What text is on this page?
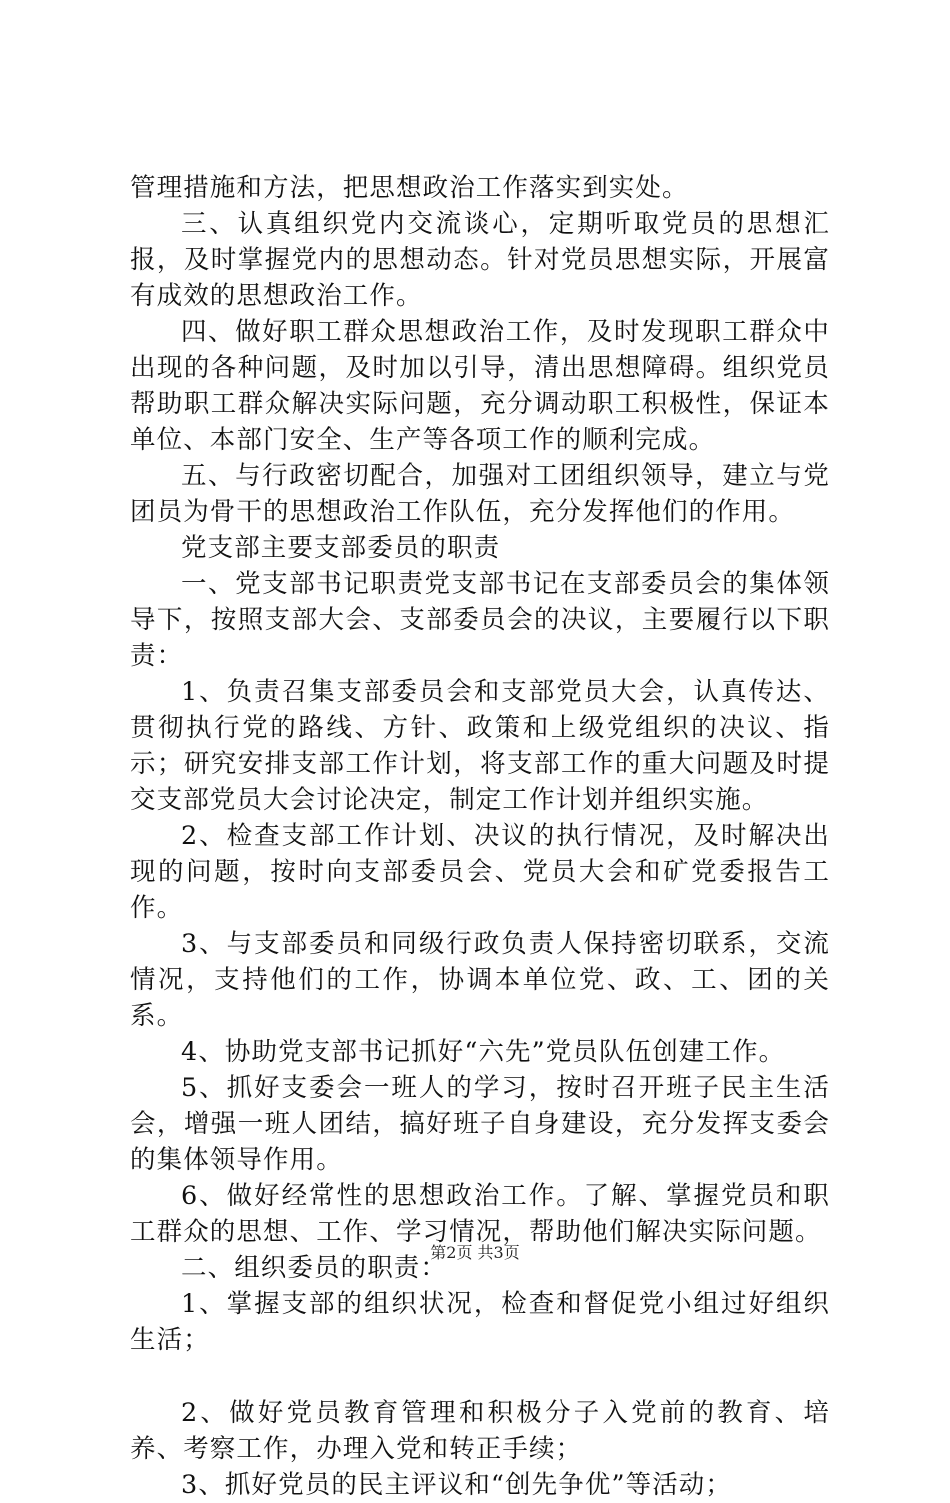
管理措施和方法，把思想政治工作落实到实处。

三、认真组织党内交流谈心，定期听取党员的思想汇报，及时掌握党内的思想动态。针对党员思想实际，开展富有成效的思想政治工作。

四、做好职工群众思想政治工作，及时发现职工群众中出现的各种问题，及时加以引导，清出思想障碍。组织党员帮助职工群众解决实际问题，充分调动职工积极性，保证本单位、本部门安全、生产等各项工作的顺利完成。

五、与行政密切配合，加强对工团组织领导，建立与党团员为骨干的思想政治工作队伍，充分发挥他们的作用。

党支部主要支部委员的职责

一、党支部书记职责党支部书记在支部委员会的集体领导下，按照支部大会、支部委员会的决议，主要履行以下职责：

1、负责召集支部委员会和支部党员大会，认真传达、贯彻执行党的路线、方针、政策和上级党组织的决议、指示；研究安排支部工作计划，将支部工作的重大问题及时提交支部党员大会讨论决定，制定工作计划并组织实施。

2、检查支部工作计划、决议的执行情况，及时解决出现的问题，按时向支部委员会、党员大会和矿党委报告工作。

3、与支部委员和同级行政负责人保持密切联系，交流情况，支持他们的工作，协调本单位党、政、工、团的关系。

4、协助党支部书记抓好“六先”党员队伍创建工作。

5、抓好支委会一班人的学习，按时召开班子民主生活会，增强一班人团结，搞好班子自身建设，充分发挥支委会的集体领导作用。

6、做好经常性的思想政治工作。了解、掌握党员和职工群众的思想、工作、学习情况，帮助他们解决实际问题。

二、组织委员的职责：

1、掌握支部的组织状况，检查和督促党小组过好组织生活；

2、做好党员教育管理和积极分子入党前的教育、培养、考察工作，办理入党和转正手续；

3、抓好党员的民主评议和“创先争优”等活动；

第2页 共3页
